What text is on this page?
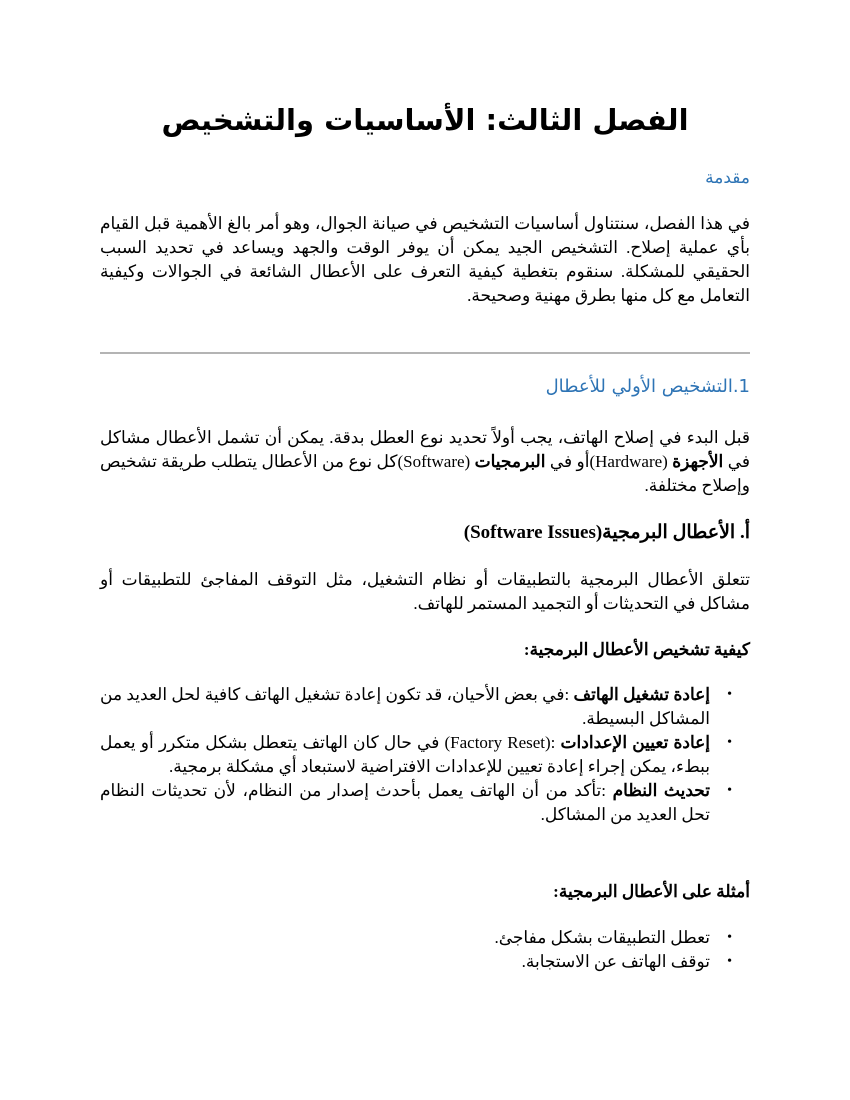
الفصل الثالث: الأساسيات والتشخيص
مقدمة
في هذا الفصل، سنتناول أساسيات التشخيص في صيانة الجوال، وهو أمر بالغ الأهمية قبل القيام بأي عملية إصلاح. التشخيص الجيد يمكن أن يوفر الوقت والجهد ويساعد في تحديد السبب الحقيقي للمشكلة. سنقوم بتغطية كيفية التعرف على الأعطال الشائعة في الجوالات وكيفية التعامل مع كل منها بطرق مهنية وصحيحة.
1.التشخيص الأولي للأعطال
قبل البدء في إصلاح الهاتف، يجب أولاً تحديد نوع العطل بدقة. يمكن أن تشمل الأعطال مشاكل في الأجهزة (Hardware)أو في البرمجيات (Software)كل نوع من الأعطال يتطلب طريقة تشخيص وإصلاح مختلفة.
أ. الأعطال البرمجية(Software Issues)
تتعلق الأعطال البرمجية بالتطبيقات أو نظام التشغيل، مثل التوقف المفاجئ للتطبيقات أو مشاكل في التحديثات أو التجميد المستمر للهاتف.
كيفية تشخيص الأعطال البرمجية:
•
إعادة تشغيل الهاتف :في بعض الأحيان، قد تكون إعادة تشغيل الهاتف كافية لحل العديد من المشاكل البسيطة.
•
إعادة تعيين الإعدادات :(Factory Reset) في حال كان الهاتف يتعطل بشكل متكرر أو يعمل ببطء، يمكن إجراء إعادة تعيين للإعدادات الافتراضية لاستبعاد أي مشكلة برمجية.
•
تحديث النظام :تأكد من أن الهاتف يعمل بأحدث إصدار من النظام، لأن تحديثات النظام تحل العديد من المشاكل.
أمثلة على الأعطال البرمجية:
•
تعطل التطبيقات بشكل مفاجئ.
•
توقف الهاتف عن الاستجابة.
